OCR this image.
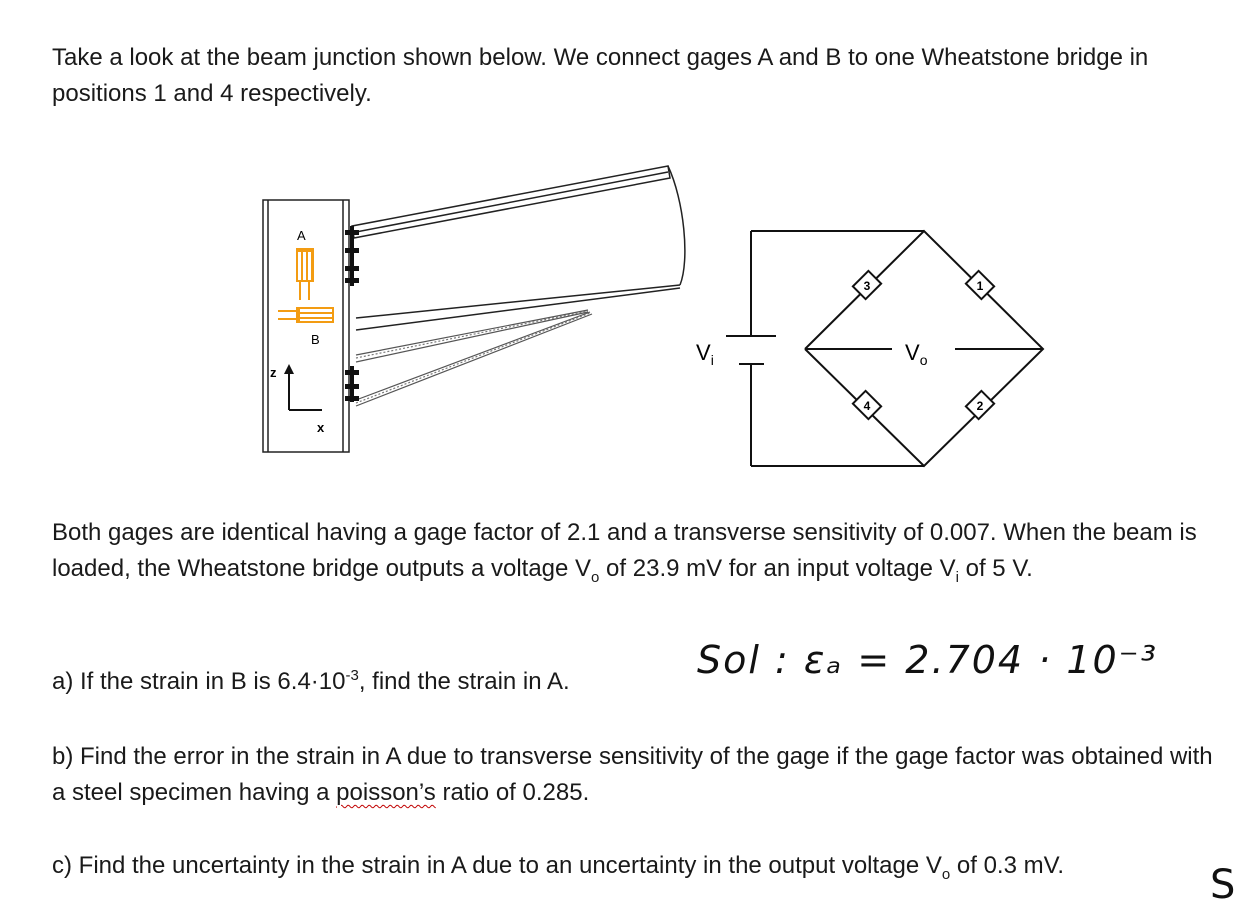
Take a look at the beam junction shown below. We connect gages A and B to one Wheatstone bridge in positions 1 and 4 respectively.

A
B
z
x
3	1
4	2
$V_i$	$V_o$

Both gages are identical having a gage factor of 2.1 and a transverse sensitivity of 0.007. When the beam is loaded, the Wheatstone bridge outputs a voltage $V_o$ of 23.9 mV for an input voltage $V_i$ of 5 V.

a) If the strain in B is $6.4\cdot 10^{-3}$, find the strain in A.	Sol : εₐ = 2.704 · 10⁻³

b) Find the error in the strain in A due to transverse sensitivity of the gage if the gage factor was obtained with a steel specimen having a poisson’s ratio of 0.285.

c) Find the uncertainty in the strain in A due to an uncertainty in the output voltage $V_o$ of 0.3 mV.	S
